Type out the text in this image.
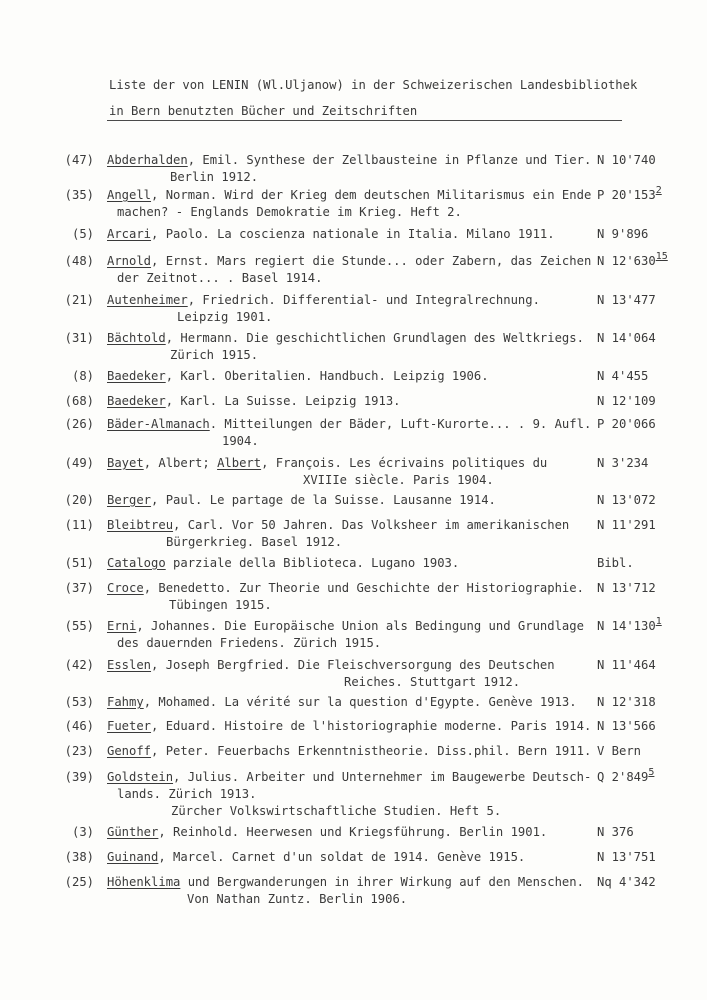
Liste der von LENIN (Wl.Uljanow) in der Schweizerischen Landesbibliothek
in Bern benutzten Bücher und Zeitschriften
(47) Abderhalden, Emil. Synthese der Zellbausteine in Pflanze und Tier.
Berlin 1912.
N 10'740
(35) Angell, Norman. Wird der Krieg dem deutschen Militarismus ein Ende
machen? - Englands Demokratie im Krieg. Heft 2.
P $20'153^2$
(5) Arcari, Paolo. La coscienza nationale in Italia. Milano 1911.	N 9'896
(48) Arnold, Ernst. Mars regiert die Stunde... oder Zabern, das Zeichen
der Zeitnot... . Basel 1914.
N $12'630^{15}$
(21) Autenheimer, Friedrich. Differential- und Integralrechnung.
Leipzig 1901.
N 13'477
(31) Bächtold, Hermann. Die geschichtlichen Grundlagen des Weltkriegs.
Zürich 1915.
N 14'064
(8) Baedeker, Karl. Oberitalien. Handbuch. Leipzig 1906.	N 4'455
(68) Baedeker, Karl. La Suisse. Leipzig 1913.	N 12'109
(26) Bäder-Almanach. Mitteilungen der Bäder, Luft-Kurorte... . 9. Aufl.
1904.
P 20'066
(49) Bayet, Albert; Albert, François. Les écrivains politiques du
XVIIIe siècle. Paris 1904.
N 3'234
(20) Berger, Paul. Le partage de la Suisse. Lausanne 1914.	N 13'072
(11) Bleibtreu, Carl. Vor 50 Jahren. Das Volksheer im amerikanischen
Bürgerkrieg. Basel 1912.
N 11'291
(51) Catalogo parziale della Biblioteca. Lugano 1903.	Bibl.
(37) Croce, Benedetto. Zur Theorie und Geschichte der Historiographie.
Tübingen 1915.
N 13'712
(55) Erni, Johannes. Die Europäische Union als Bedingung und Grundlage
des dauernden Friedens. Zürich 1915.
N $14'130^1$
(42) Esslen, Joseph Bergfried. Die Fleischversorgung des Deutschen
Reiches. Stuttgart 1912.
N 11'464
(53) Fahmy, Mohamed. La vérité sur la question d'Egypte. Genève 1913. N 12'318
(46) Fueter, Eduard. Histoire de l'historiographie moderne. Paris 1914. N 13'566
(23) Genoff, Peter. Feuerbachs Erkenntnistheorie. Diss.phil. Bern 1911. V Bern
(39) Goldstein, Julius. Arbeiter und Unternehmer im Baugewerbe Deutsch-
lands. Zürich 1913.
Zürcher Volkswirtschaftliche Studien. Heft 5.
Q $2'849^5$
(3) Günther, Reinhold. Heerwesen und Kriegsführung. Berlin 1901.	N 376
(38) Guinand, Marcel. Carnet d'un soldat de 1914. Genève 1915.	N 13'751
(25) Höhenklima und Bergwanderungen in ihrer Wirkung auf den Menschen.
Von Nathan Zuntz. Berlin 1906.
Nq 4'342
